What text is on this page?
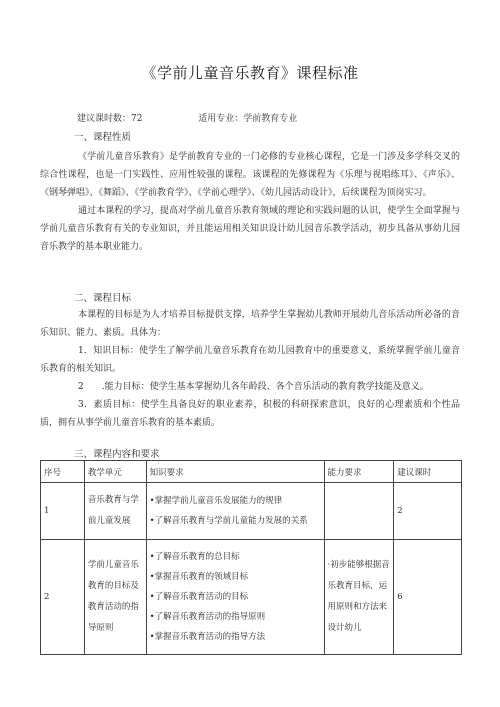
《学前儿童音乐教育》课程标准
建议课时数：72	适用专业：学前教育专业
一、课程性质

《学前儿童音乐教育》是学前教育专业的一门必修的专业核心课程，它是一门涉及多学科交叉的综合性课程，也是一门实践性、应用性较强的课程。该课程的先修课程为《乐理与视唱练耳》、《声乐》、《钢琴弹唱》、《舞蹈》、《学前教育学》、《学前心理学》、《幼儿园活动设计》，后续课程为顶岗实习。

通过本课程的学习，提高对学前儿童音乐教育领域的理论和实践问题的认识，使学生全面掌握与学前儿童音乐教育有关的专业知识，并且能运用相关知识设计幼儿园音乐教学活动，初步具备从事幼儿园音乐教学的基本职业能力。

二、课程目标

本课程的目标是为人才培养目标提供支撑，培养学生掌握幼儿教师开展幼儿音乐活动所必备的音乐知识、能力、素质。具体为：

1．知识目标：使学生了解学前儿童音乐教育在幼儿园教育中的重要意义，系统掌握学前儿童音乐教育的相关知识。

2　　.能力目标：使学生基本掌握幼儿各年龄段、各个音乐活动的教育教学技能及意义。

3．素质目标：使学生具备良好的职业素养，积极的科研探索意识，良好的心理素质和个性品质，拥有从事学前儿童音乐教育的基本素质。

三、课程内容和要求
序号	教学单元	知识要求	能力要求	建议课时
1	音乐教育与学前儿童发展	•掌握学前儿童音乐发展能力的规律
•了解音乐教育与学前儿童能力发展的关系		2
2	学前儿童音乐教育的目标及教育活动的指导原则	•了解音乐教育的总目标
•掌握音乐教育的领域目标
•了解音乐教育活动的目标
•了解音乐教育活动的指导原则
•掌握音乐教育活动的指导方法	·初步能够根据音乐教育目标，运用原则和方法来设计幼儿	6
